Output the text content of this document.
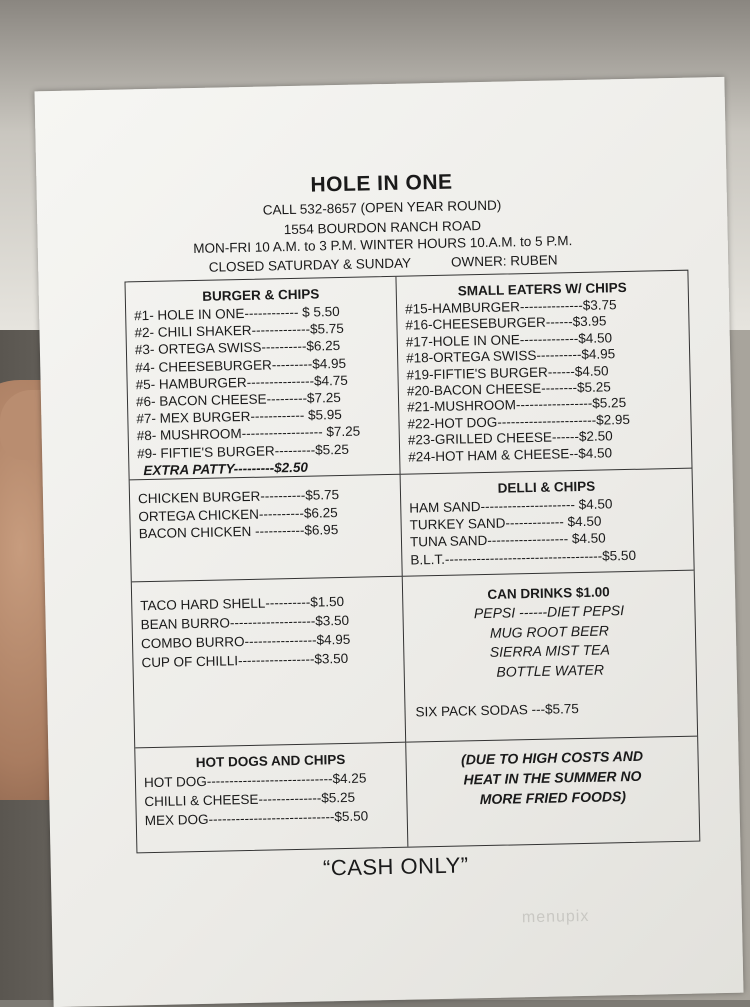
HOLE IN ONE
CALL 532-8657 (OPEN YEAR ROUND)
1554 BOURDON RANCH ROAD
MON-FRI 10 A.M. to 3 P.M. WINTER HOURS 10.A.M. to 5 P.M.
CLOSED SATURDAY & SUNDAY	OWNER: RUBEN
BURGER & CHIPS
#1- HOLE IN ONE------------ $ 5.50
#2- CHILI SHAKER-------------$5.75
#3- ORTEGA SWISS----------$6.25
#4- CHEESEBURGER---------$4.95
#5- HAMBURGER---------------$4.75
#6- BACON CHEESE---------$7.25
#7- MEX BURGER------------ $5.95
#8- MUSHROOM------------------ $7.25
#9- FIFTIE'S BURGER---------$5.25
EXTRA PATTY---------$2.50
SMALL EATERS W/ CHIPS
#15-HAMBURGER--------------$3.75
#16-CHEESEBURGER------$3.95
#17-HOLE IN ONE-------------$4.50
#18-ORTEGA SWISS----------$4.95
#19-FIFTIE'S BURGER------$4.50
#20-BACON CHEESE--------$5.25
#21-MUSHROOM-----------------$5.25
#22-HOT DOG----------------------$2.95
#23-GRILLED CHEESE------$2.50
#24-HOT HAM & CHEESE--$4.50
CHICKEN BURGER----------$5.75
ORTEGA CHICKEN----------$6.25
BACON CHICKEN -----------$6.95
DELLI & CHIPS
HAM SAND--------------------- $4.50
TURKEY SAND------------- $4.50
TUNA SAND------------------ $4.50
B.L.T.-----------------------------------$5.50
TACO HARD SHELL----------$1.50
BEAN BURRO-------------------$3.50
COMBO BURRO----------------$4.95
CUP OF CHILLI-----------------$3.50
CAN DRINKS $1.00
PEPSI ------DIET PEPSI
MUG ROOT BEER
SIERRA MIST TEA
BOTTLE WATER
SIX PACK SODAS ---$5.75
HOT DOGS AND CHIPS
HOT DOG----------------------------$4.25
CHILLI & CHEESE--------------$5.25
MEX DOG----------------------------$5.50
(DUE TO HIGH COSTS AND
HEAT IN THE SUMMER NO
MORE FRIED FOODS)
“CASH ONLY”
menupix
